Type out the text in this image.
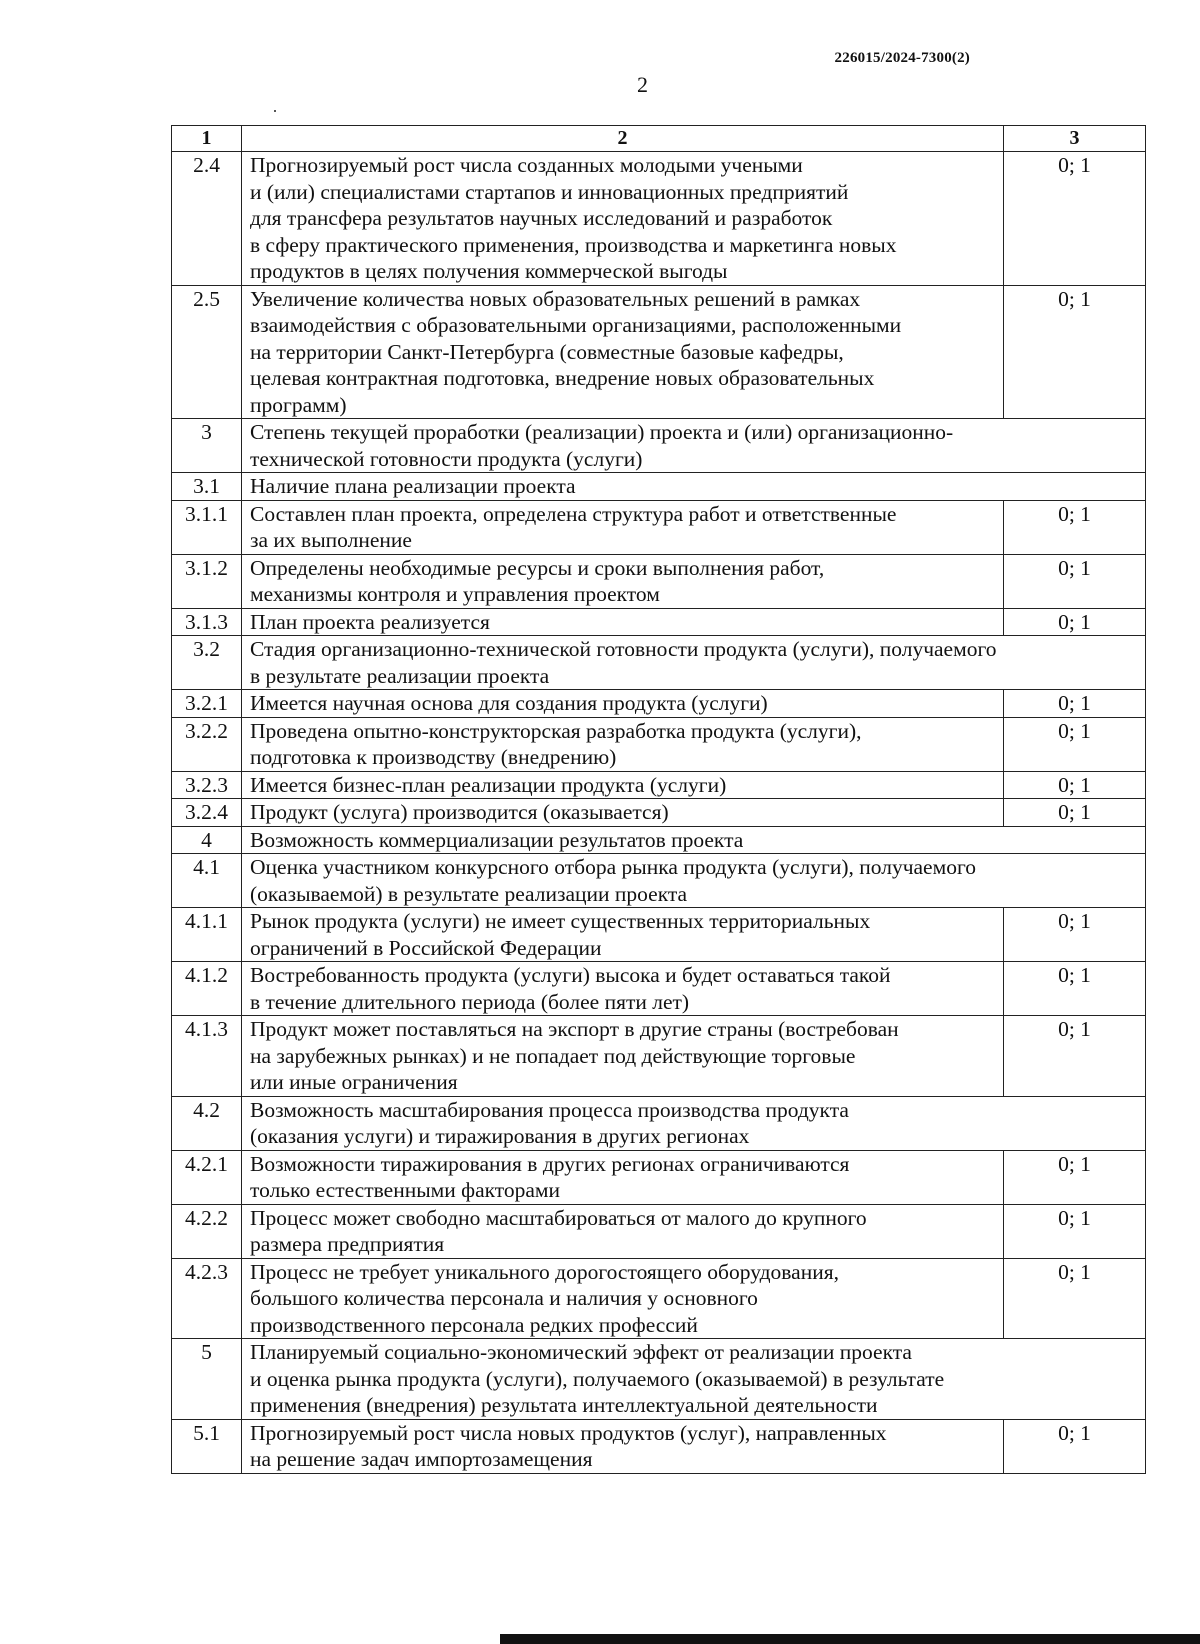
226015/2024-7300(2)
2
1	2	3
2.4	Прогнозируемый рост числа созданных молодыми учеными
и (или) специалистами стартапов и инновационных предприятий
для трансфера результатов научных исследований и разработок
в сферу практического применения, производства и маркетинга новых
продуктов в целях получения коммерческой выгоды	0; 1
2.5	Увеличение количества новых образовательных решений в рамках
взаимодействия с образовательными организациями, расположенными
на территории Санкт-Петербурга (совместные базовые кафедры,
целевая контрактная подготовка, внедрение новых образовательных
программ)	0; 1
3	Степень текущей проработки (реализации) проекта и (или) организационно-
технической готовности продукта (услуги)	

3.1	Наличие плана реализации проекта	

3.1.1	Составлен план проекта, определена структура работ и ответственные
за их выполнение	0; 1
3.1.2	Определены необходимые ресурсы и сроки выполнения работ,
механизмы контроля и управления проектом	0; 1
3.1.3	План проекта реализуется	0; 1
3.2	Стадия организационно-технической готовности продукта (услуги), получаемого
в результате реализации проекта	

3.2.1	Имеется научная основа для создания продукта (услуги)	0; 1
3.2.2	Проведена опытно-конструкторская разработка продукта (услуги),
подготовка к производству (внедрению)	0; 1
3.2.3	Имеется бизнес-план реализации продукта (услуги)	0; 1
3.2.4	Продукт (услуга) производится (оказывается)	0; 1
4	Возможность коммерциализации результатов проекта	

4.1	Оценка участником конкурсного отбора рынка продукта (услуги), получаемого
(оказываемой) в результате реализации проекта	

4.1.1	Рынок продукта (услуги) не имеет существенных территориальных
ограничений в Российской Федерации	0; 1
4.1.2	Востребованность продукта (услуги) высока и будет оставаться такой
в течение длительного периода (более пяти лет)	0; 1
4.1.3	Продукт может поставляться на экспорт в другие страны (востребован
на зарубежных рынках) и не попадает под действующие торговые
или иные ограничения	0; 1
4.2	Возможность масштабирования процесса производства продукта
(оказания услуги) и тиражирования в других регионах	

4.2.1	Возможности тиражирования в других регионах ограничиваются
только естественными факторами	0; 1
4.2.2	Процесс может свободно масштабироваться от малого до крупного
размера предприятия	0; 1
4.2.3	Процесс не требует уникального дорогостоящего оборудования,
большого количества персонала и наличия у основного
производственного персонала редких профессий	0; 1
5	Планируемый социально-экономический эффект от реализации проекта
и оценка рынка продукта (услуги), получаемого (оказываемой) в результате
применения (внедрения) результата интеллектуальной деятельности	

5.1	Прогнозируемый рост числа новых продуктов (услуг), направленных
на решение задач импортозамещения	0; 1
